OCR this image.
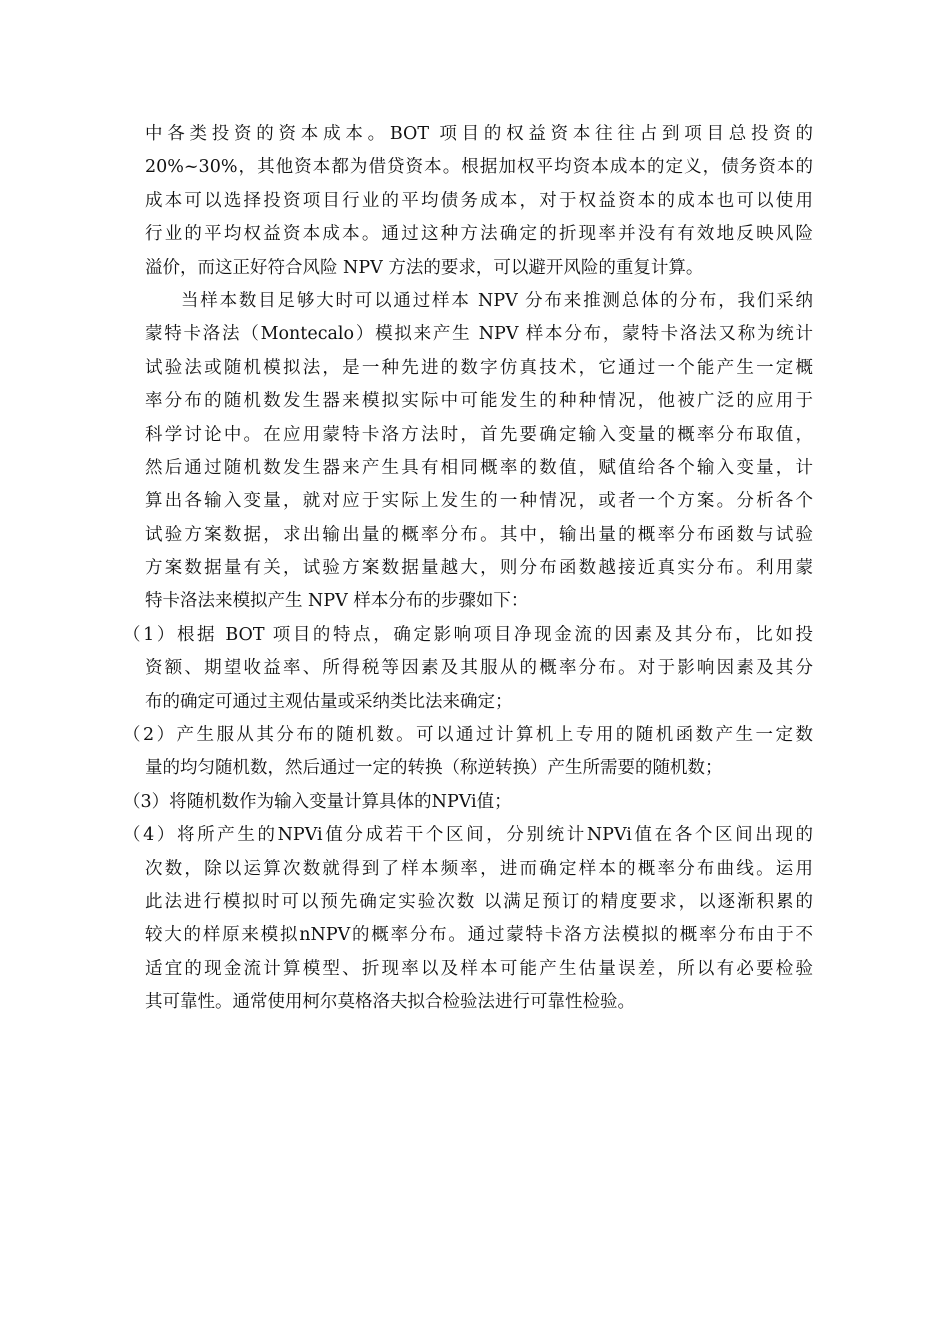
中各类投资的资本成本。BOT 项目的权益资本往往占到项目总投资的
20%~30%，其他资本都为借贷资本。根据加权平均资本成本的定义，债务资本的
成本可以选择投资项目行业的平均债务成本，对于权益资本的成本也可以使用
行业的平均权益资本成本。通过这种方法确定的折现率并没有有效地反映风险
溢价，而这正好符合风险 NPV 方法的要求，可以避开风险的重复计算。
当样本数目足够大时可以通过样本 NPV 分布来推测总体的分布，我们采纳
蒙特卡洛法（Montecalo）模拟来产生 NPV 样本分布，蒙特卡洛法又称为统计
试验法或随机模拟法，是一种先进的数字仿真技术，它通过一个能产生一定概
率分布的随机数发生器来模拟实际中可能发生的种种情况，他被广泛的应用于
科学讨论中。在应用蒙特卡洛方法时，首先要确定输入变量的概率分布取值，
然后通过随机数发生器来产生具有相同概率的数值，赋值给各个输入变量，计
算出各输入变量，就对应于实际上发生的一种情况，或者一个方案。分析各个
试验方案数据，求出输出量的概率分布。其中，输出量的概率分布函数与试验
方案数据量有关，试验方案数据量越大，则分布函数越接近真实分布。利用蒙
特卡洛法来模拟产生 NPV 样本分布的步骤如下：
（1）根据 BOT 项目的特点，确定影响项目净现金流的因素及其分布，比如投
资额、期望收益率、所得税等因素及其服从的概率分布。对于影响因素及其分
布的确定可通过主观估量或采纳类比法来确定；
（2）产生服从其分布的随机数。可以通过计算机上专用的随机函数产生一定数
量的均匀随机数，然后通过一定的转换（称逆转换）产生所需要的随机数；
（3）将随机数作为输入变量计算具体的NPVi值；
（4）将所产生的NPVi值分成若干个区间，分别统计NPVi值在各个区间出现的
次数，除以运算次数就得到了样本频率，进而确定样本的概率分布曲线。运用
此法进行模拟时可以预先确定实验次数 以满足预订的精度要求，以逐渐积累的
较大的样原来模拟nNPV的概率分布。通过蒙特卡洛方法模拟的概率分布由于不
适宜的现金流计算模型、折现率以及样本可能产生估量误差，所以有必要检验
其可靠性。通常使用柯尔莫格洛夫拟合检验法进行可靠性检验。
